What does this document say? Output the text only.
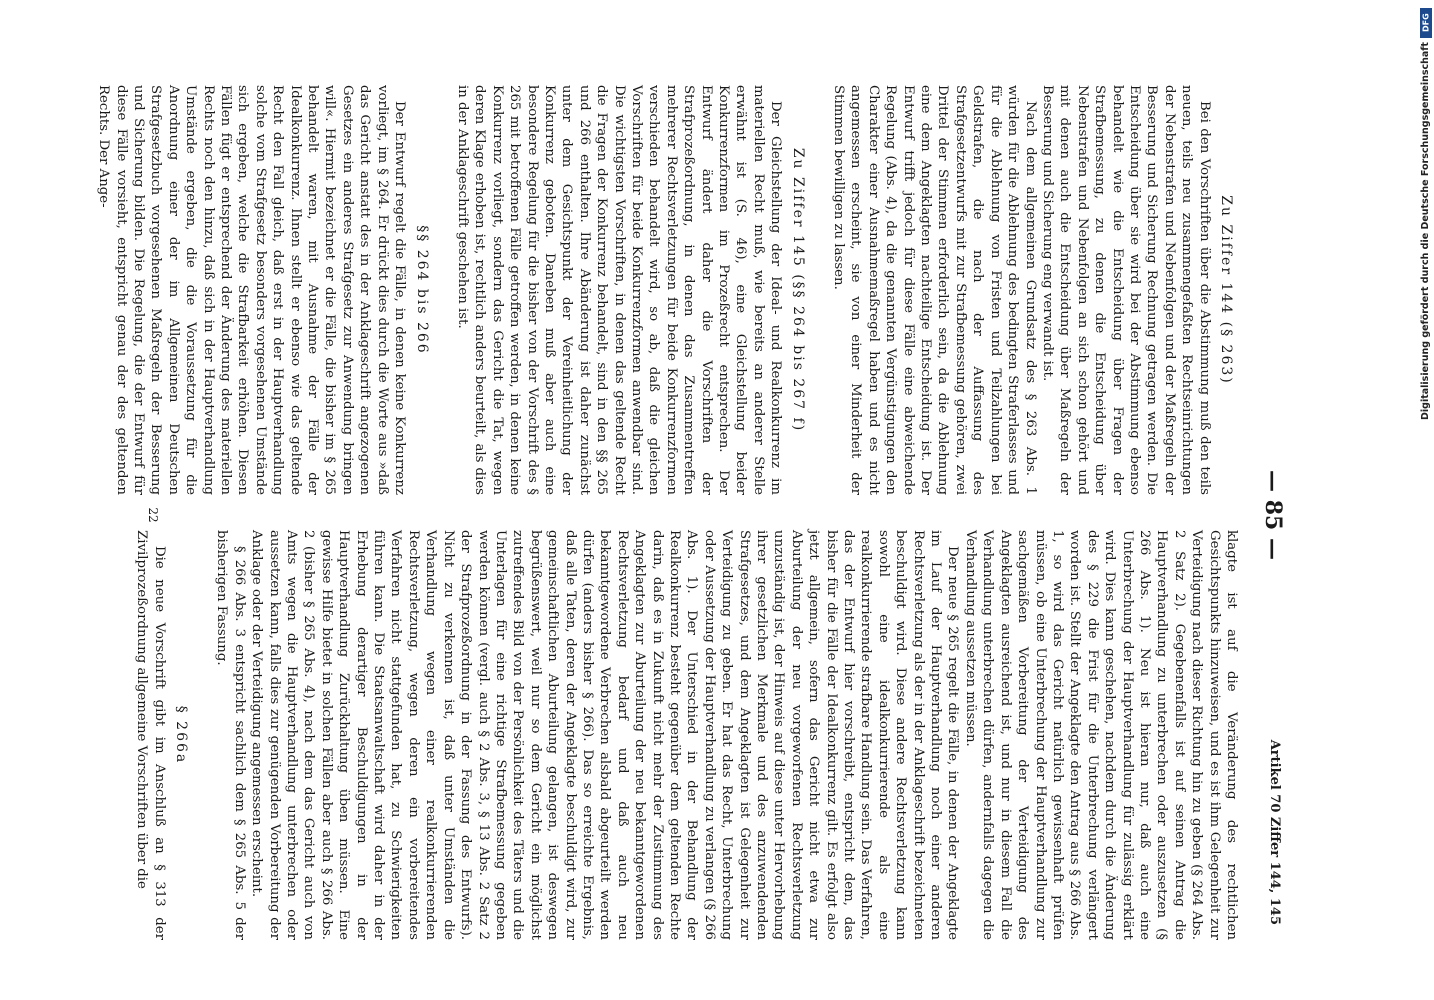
— 85 —
Artikel 70 Ziffer 144, 145
Zu Ziffer 144 (§ 263)

Bei den Vorschriften über die Abstimmung muß den teils neuen, teils neu zusammengefaßten Rechtseinrichtungen der Nebenstrafen und Nebenfolgen und der Maßregeln der Besserung und Sicherung Rechnung getragen werden. Die Entscheidung über sie wird bei der Abstimmung ebenso behandelt wie die Entscheidung über Fragen der Strafbemessung, zu denen die Entscheidung über Nebenstrafen und Nebenfolgen an sich schon gehört und mit denen auch die Entscheidung über Maßregeln der Besserung und Sicherung eng verwandt ist.

Nach dem allgemeinen Grundsatz des § 263 Abs. 1 würden für die Ablehnung des bedingten Straferlasses und für die Ablehnung von Fristen und Teilzahlungen bei Geldstrafen, die nach der Auffassung des Strafgesetzentwurfs mit zur Strafbemessung gehören, zwei Drittel der Stimmen erforderlich sein, da die Ablehnung eine dem Angeklagten nachteilige Entscheidung ist. Der Entwurf trifft jedoch für diese Fälle eine abweichende Regelung (Abs. 4), da die genannten Vergünstigungen den Charakter einer Ausnahmemaßregel haben und es nicht angemessen erscheint, sie von einer Minderheit der Stimmen bewilligen zu lassen.

Zu Ziffer 145 (§§ 264 bis 267 f)

Der Gleichstellung der Ideal- und Realkonkurrenz im materiellen Recht muß, wie bereits an anderer Stelle erwähnt ist (S. 46), eine Gleichstellung beider Konkurrenzformen im Prozeßrecht entsprechen. Der Entwurf ändert daher die Vorschriften der Strafprozeßordnung, in denen das Zusammentreffen mehrerer Rechtsverletzungen für beide Konkurrenzformen verschieden behandelt wird, so ab, daß die gleichen Vorschriften für beide Konkurrenzformen anwendbar sind. Die wichtigsten Vorschriften, in denen das geltende Recht die Fragen der Konkurrenz behandelt, sind in den §§ 265 und 266 enthalten. Ihre Abänderung ist daher zunächst unter dem Gesichtspunkt der Vereinheitlichung der Konkurrenz geboten. Daneben muß aber auch eine besondere Regelung für die bisher von der Vorschrift des § 265 mit betroffenen Fälle getroffen werden, in denen keine Konkurrenz vorliegt, sondern das Gericht die Tat, wegen deren Klage erhoben ist, rechtlich anders beurteilt, als dies in der Anklageschrift geschehen ist.

§§ 264 bis 266

Der Entwurf regelt die Fälle, in denen keine Konkurrenz vorliegt, im § 264. Er drückt dies durch die Worte aus »daß das Gericht anstatt des in der Anklageschrift angezogenen Gesetzes ein anderes Strafgesetz zur Anwendung bringen will«. Hiermit bezeichnet er die Fälle, die bisher im § 265 behandelt waren, mit Ausnahme der Fälle der Idealkonkurrenz. Ihnen stellt er ebenso wie das geltende Recht den Fall gleich, daß erst in der Hauptverhandlung solche vom Strafgesetz besonders vorgesehenen Umstände sich ergeben, welche die Strafbarkeit erhöhen. Diesen Fällen fügt er entsprechend der Änderung des materiellen Rechts noch den hinzu, daß sich in der Hauptverhandlung Umstände ergeben, die die Voraussetzung für die Anordnung einer der im Allgemeinen Deutschen Strafgesetzbuch vorgesehenen Maßregeln der Besserung und Sicherung bilden. Die Regelung, die der Entwurf für diese Fälle vorsieht, entspricht genau der des geltenden Rechts. Der Ange-

klagte ist auf die Veränderung des rechtlichen Gesichtspunkts hinzuweisen, und es ist ihm Gelegenheit zur Verteidigung nach dieser Richtung hin zu geben (§ 264 Abs. 2 Satz 2). Gegebenenfalls ist auf seinen Antrag die Hauptverhandlung zu unterbrechen oder auszusetzen (§ 266 Abs. 1). Neu ist hieran nur, daß auch eine Unterbrechung der Hauptverhandlung für zulässig erklärt wird. Dies kann geschehen, nachdem durch die Änderung des § 229 die Frist für die Unterbrechung verlängert worden ist. Stellt der Angeklagte den Antrag aus § 266 Abs. 1, so wird das Gericht natürlich gewissenhaft prüfen müssen, ob eine Unterbrechung der Hauptverhandlung zur sachgemäßen Vorbereitung der Verteidigung des Angeklagten ausreichend ist, und nur in diesem Fall die Verhandlung unterbrechen dürfen, andernfalls dagegen die Verhandlung aussetzen müssen.

Der neue § 265 regelt die Fälle, in denen der Angeklagte im Lauf der Hauptverhandlung noch einer anderen Rechtsverletzung als der in der Anklageschrift bezeichneten beschuldigt wird. Diese andere Rechtsverletzung kann sowohl eine idealkonkurrierende als eine realkonkurrierende strafbare Handlung sein. Das Verfahren, das der Entwurf hier vorschreibt, entspricht dem, das bisher für die Fälle der Idealkonkurrenz gilt. Es erfolgt also jetzt allgemein, sofern das Gericht nicht etwa zur Aburteilung der neu vorgeworfenen Rechtsverletzung unzuständig ist, der Hinweis auf diese unter Hervorhebung ihrer gesetzlichen Merkmale und des anzuwendenden Strafgesetzes, und dem Angeklagten ist Gelegenheit zur Verteidigung zu geben. Er hat das Recht, Unterbrechung oder Aussetzung der Hauptverhandlung zu verlangen (§ 266 Abs. 1). Der Unterschied in der Behandlung der Realkonkurrenz besteht gegenüber dem geltenden Rechte darin, daß es in Zukunft nicht mehr der Zustimmung des Angeklagten zur Aburteilung der neu bekanntgewordenen Rechtsverletzung bedarf und daß auch neu bekanntgewordene Verbrechen alsbald abgeurteilt werden dürfen (anders bisher § 266). Das so erreichte Ergebnis, daß alle Taten, deren der Angeklagte beschuldigt wird, zur gemeinschaftlichen Aburteilung gelangen, ist deswegen begrüßenswert, weil nur so dem Gericht ein möglichst zutreffendes Bild von der Persönlichkeit des Täters und die Unterlagen für eine richtige Strafbemessung gegeben werden können (vergl. auch § 2 Abs. 3, § 13 Abs. 2 Satz 2 der Strafprozeßordnung in der Fassung des Entwurfs). Nicht zu verkennen ist, daß unter Umständen die Verhandlung wegen einer realkonkurrierenden Rechtsverletzung, wegen deren ein vorbereitendes Verfahren nicht stattgefunden hat, zu Schwierigkeiten führen kann. Die Staatsanwaltschaft wird daher in der Erhebung derartiger Beschuldigungen in der Hauptverhandlung Zurückhaltung üben müssen. Eine gewisse Hilfe bietet in solchen Fällen aber auch § 266 Abs. 2 (bisher § 265 Abs. 4), nach dem das Gericht auch von Amts wegen die Hauptverhandlung unterbrechen oder aussetzen kann, falls dies zur genügenden Vorbereitung der Anklage oder der Verteidigung angemessen erscheint.

§ 266 Abs. 3 entspricht sachlich dem § 265 Abs. 5 der bisherigen Fassung.

§ 266a

Die neue Vorschrift gibt im Anschluß an § 313 der Zivilprozeßordnung allgemeine Vorschriften über die

22
DFG
Digitalisierung gefördert durch die Deutsche Forschungsgemeinschaft
